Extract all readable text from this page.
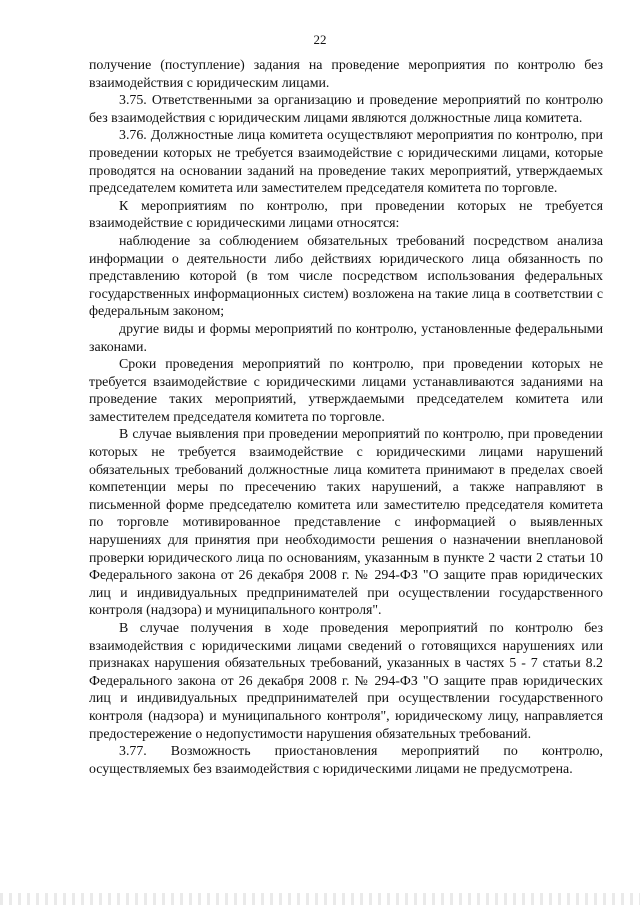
22

получение (поступление) задания на проведение мероприятия по контролю без взаимодействия с юридическим лицами.

3.75. Ответственными за организацию и проведение мероприятий по контролю без взаимодействия с юридическим лицами являются должностные лица комитета.

3.76. Должностные лица комитета осуществляют мероприятия по контролю, при проведении которых не требуется взаимодействие с юридическими лицами, которые проводятся на основании заданий на проведение таких мероприятий, утверждаемых председателем комитета или заместителем председателя комитета по торговле.

К мероприятиям по контролю, при проведении которых не требуется взаимодействие с юридическими лицами относятся:

наблюдение за соблюдением обязательных требований посредством анализа информации о деятельности либо действиях юридического лица обязанность по представлению которой (в том числе посредством использования федеральных государственных информационных систем) возложена на такие лица в соответствии с федеральным законом;

другие виды и формы мероприятий по контролю, установленные федеральными законами.

Сроки проведения мероприятий по контролю, при проведении которых не требуется взаимодействие с юридическими лицами устанавливаются заданиями на проведение таких мероприятий, утверждаемыми председателем комитета или заместителем председателя комитета по торговле.

В случае выявления при проведении мероприятий по контролю, при проведении которых не требуется взаимодействие с юридическими лицами нарушений обязательных требований должностные лица комитета принимают в пределах своей компетенции меры по пресечению таких нарушений, а также направляют в письменной форме председателю комитета или заместителю председателя комитета по торговле мотивированное представление с информацией о выявленных нарушениях для принятия при необходимости решения о назначении внеплановой проверки юридического лица по основаниям, указанным в пункте 2 части 2 статьи 10 Федерального закона от 26 декабря 2008 г. № 294-ФЗ "О защите прав юридических лиц и индивидуальных предпринимателей при осуществлении государственного контроля (надзора) и муниципального контроля".

В случае получения в ходе проведения мероприятий по контролю без взаимодействия с юридическими лицами сведений о готовящихся нарушениях или признаках нарушения обязательных требований, указанных в частях 5 - 7 статьи 8.2 Федерального закона от 26 декабря 2008 г. № 294-ФЗ "О защите прав юридических лиц и индивидуальных предпринимателей при осуществлении государственного контроля (надзора) и муниципального контроля", юридическому лицу, направляется предостережение о недопустимости нарушения обязательных требований.

3.77. Возможность приостановления мероприятий по контролю, осуществляемых без взаимодействия с юридическими лицами не предусмотрена.
